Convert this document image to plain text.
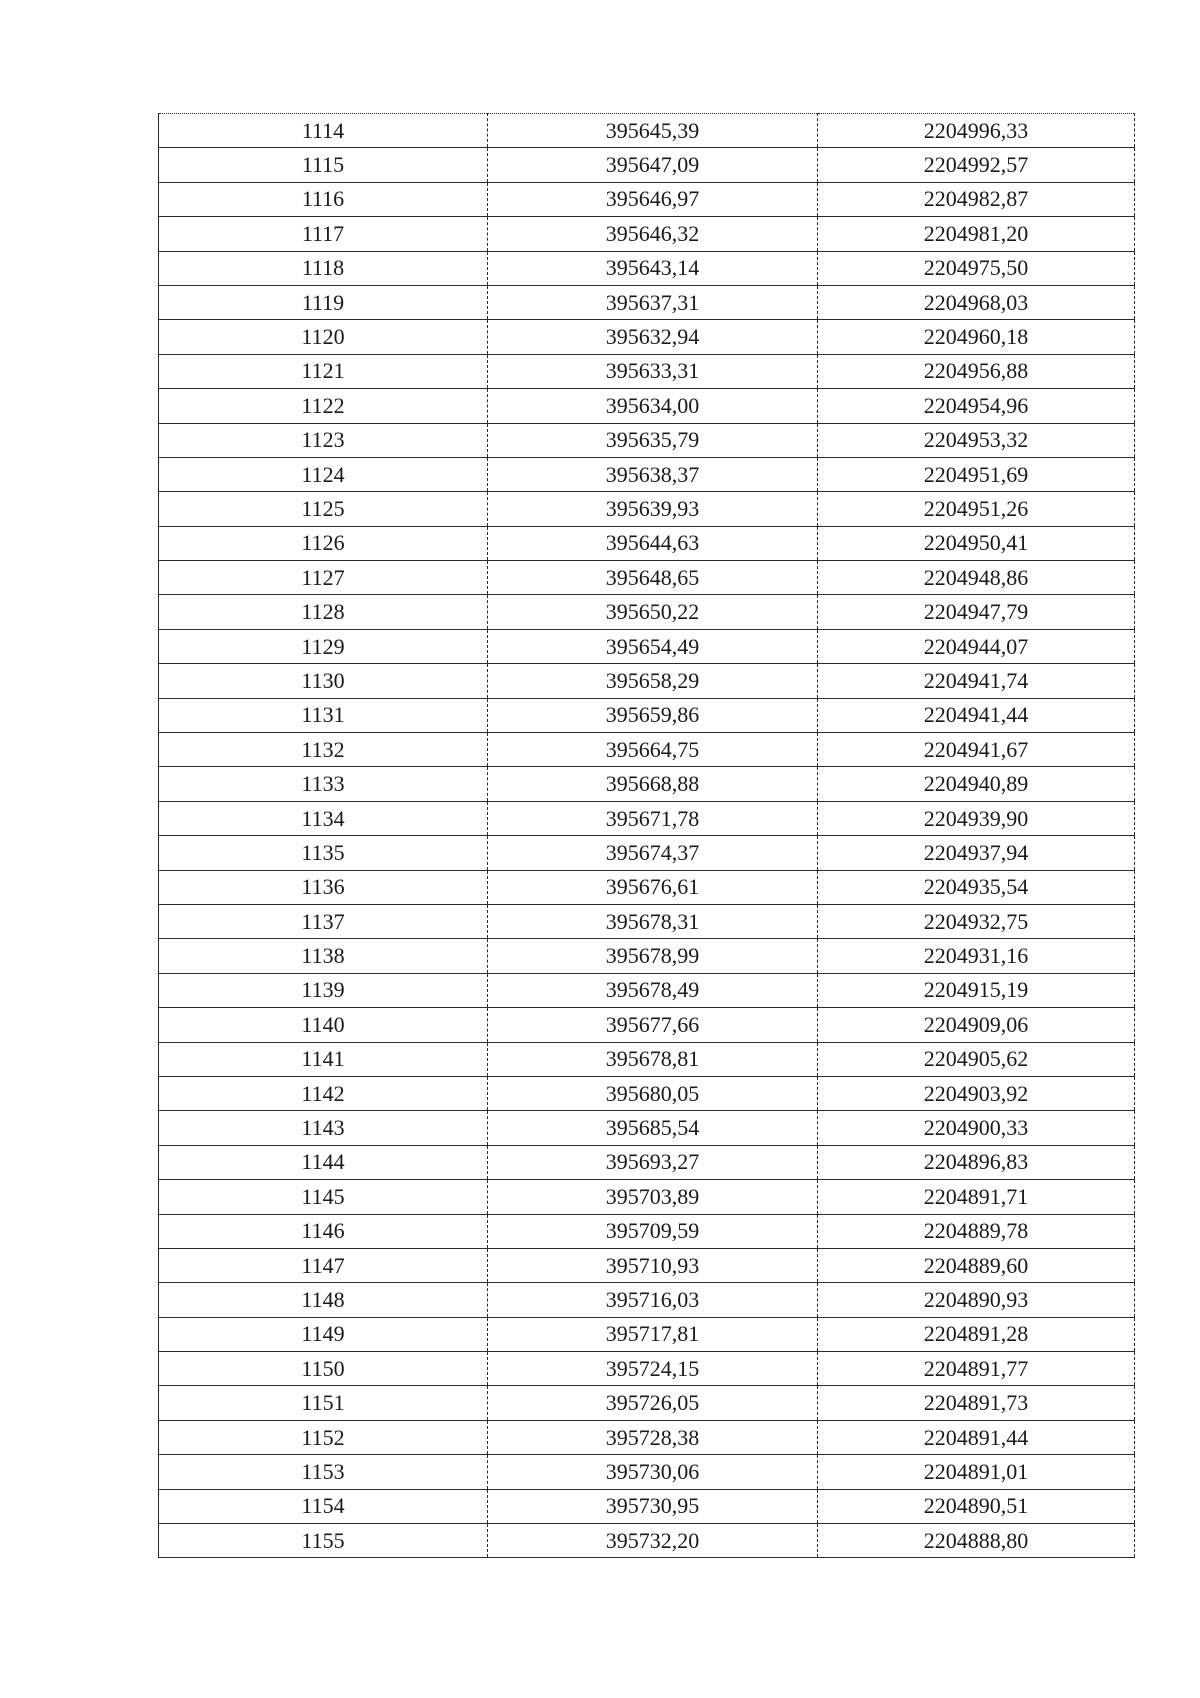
1114	395645,39	2204996,33
1115	395647,09	2204992,57
1116	395646,97	2204982,87
1117	395646,32	2204981,20
1118	395643,14	2204975,50
1119	395637,31	2204968,03
1120	395632,94	2204960,18
1121	395633,31	2204956,88
1122	395634,00	2204954,96
1123	395635,79	2204953,32
1124	395638,37	2204951,69
1125	395639,93	2204951,26
1126	395644,63	2204950,41
1127	395648,65	2204948,86
1128	395650,22	2204947,79
1129	395654,49	2204944,07
1130	395658,29	2204941,74
1131	395659,86	2204941,44
1132	395664,75	2204941,67
1133	395668,88	2204940,89
1134	395671,78	2204939,90
1135	395674,37	2204937,94
1136	395676,61	2204935,54
1137	395678,31	2204932,75
1138	395678,99	2204931,16
1139	395678,49	2204915,19
1140	395677,66	2204909,06
1141	395678,81	2204905,62
1142	395680,05	2204903,92
1143	395685,54	2204900,33
1144	395693,27	2204896,83
1145	395703,89	2204891,71
1146	395709,59	2204889,78
1147	395710,93	2204889,60
1148	395716,03	2204890,93
1149	395717,81	2204891,28
1150	395724,15	2204891,77
1151	395726,05	2204891,73
1152	395728,38	2204891,44
1153	395730,06	2204891,01
1154	395730,95	2204890,51
1155	395732,20	2204888,80
